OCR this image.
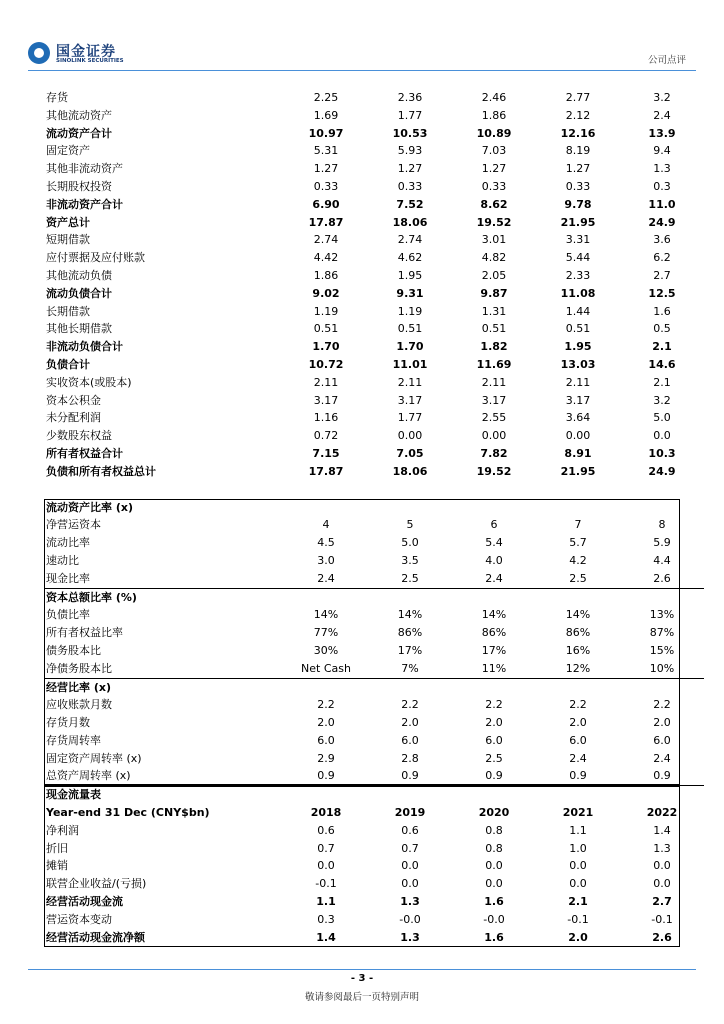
国金证券
SINOLINK SECURITIES	公司点评
存货	2.25	2.36	2.46	2.77	3.2
其他流动资产	1.69	1.77	1.86	2.12	2.4
流动资产合计	10.97	10.53	10.89	12.16	13.9
固定资产	5.31	5.93	7.03	8.19	9.4
其他非流动资产	1.27	1.27	1.27	1.27	1.3
长期股权投资	0.33	0.33	0.33	0.33	0.3
非流动资产合计	6.90	7.52	8.62	9.78	11.0
资产总计	17.87	18.06	19.52	21.95	24.9
短期借款	2.74	2.74	3.01	3.31	3.6
应付票据及应付账款	4.42	4.62	4.82	5.44	6.2
其他流动负债	1.86	1.95	2.05	2.33	2.7
流动负债合计	9.02	9.31	9.87	11.08	12.5
长期借款	1.19	1.19	1.31	1.44	1.6
其他长期借款	0.51	0.51	0.51	0.51	0.5
非流动负债合计	1.70	1.70	1.82	1.95	2.1
负债合计	10.72	11.01	11.69	13.03	14.6
实收资本(或股本)	2.11	2.11	2.11	2.11	2.1
资本公积金	3.17	3.17	3.17	3.17	3.2
未分配利润	1.16	1.77	2.55	3.64	5.0
少数股东权益	0.72	0.00	0.00	0.00	0.0
所有者权益合计	7.15	7.05	7.82	8.91	10.3
负债和所有者权益总计	17.87	18.06	19.52	21.95	24.9

流动资产比率 (x)					
净营运资本	4	5	6	7	8
流动比率	4.5	5.0	5.4	5.7	5.9
速动比	3.0	3.5	4.0	4.2	4.4
现金比率	2.4	2.5	2.4	2.5	2.6
资本总额比率 (%)					
负债比率	14%	14%	14%	14%	13%
所有者权益比率	77%	86%	86%	86%	87%
债务股本比	30%	17%	17%	16%	15%
净债务股本比	Net Cash	7%	11%	12%	10%
经营比率 (x)					
应收账款月数	2.2	2.2	2.2	2.2	2.2
存货月数	2.0	2.0	2.0	2.0	2.0
存货周转率	6.0	6.0	6.0	6.0	6.0
固定资产周转率 (x)	2.9	2.8	2.5	2.4	2.4
总资产周转率 (x)	0.9	0.9	0.9	0.9	0.9
现金流量表					
Year-end 31 Dec (CNY$bn)	2018	2019	2020	2021	2022
净利润	0.6	0.6	0.8	1.1	1.4
折旧	0.7	0.7	0.8	1.0	1.3
摊销	0.0	0.0	0.0	0.0	0.0
联营企业收益/(亏损)	-0.1	0.0	0.0	0.0	0.0
经营活动现金流	1.1	1.3	1.6	2.1	2.7
营运资本变动	0.3	-0.0	-0.0	-0.1	-0.1
经营活动现金流净额	1.4	1.3	1.6	2.0	2.6
- 3 -
敬请参阅最后一页特别声明
